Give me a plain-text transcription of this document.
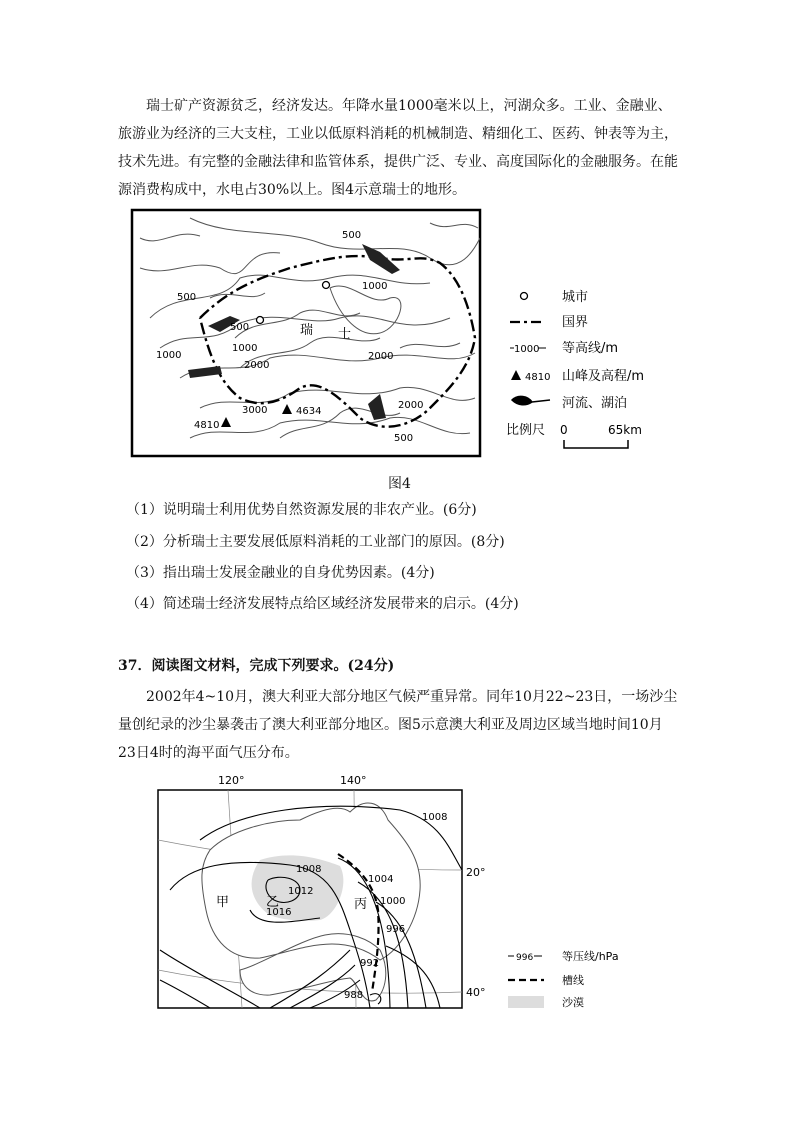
瑞士矿产资源贫乏，经济发达。年降水量1000毫米以上，河湖众多。工业、金融业、旅游业为经济的三大支柱，工业以低原料消耗的机械制造、精细化工、医药、钟表等为主，技术先进。有完整的金融法律和监管体系，提供广泛、专业、高度国际化的金融服务。在能源消费构成中，水电占30%以上。图4示意瑞士的地形。

500
500
1000
500
1000
2000
1000	2000
2000
3000
500
瑞 士
4634
4810
城市
国界
1000 等高线/m
4810 山峰及高程/m
河流、湖泊
比例尺 0	65km
图4

（1）说明瑞士利用优势自然资源发展的非农产业。(6分)

（2）分析瑞士主要发展低原料消耗的工业部门的原因。(8分)

（3）指出瑞士发展金融业的自身优势因素。(4分)

（4）简述瑞士经济发展特点给区域经济发展带来的启示。(4分)

37．阅读图文材料，完成下列要求。(24分)

2002年4~10月，澳大利亚大部分地区气候严重异常。同年10月22~23日，一场沙尘量创纪录的沙尘暴袭击了澳大利亚部分地区。图5示意澳大利亚及周边区域当地时间10月23日4时的海平面气压分布。

120°	140°
20°
40°
1008
1008
1012
1016
1004
1000
996
992
988
甲	乙	丙
996	等压线/hPa
槽线
沙漠
